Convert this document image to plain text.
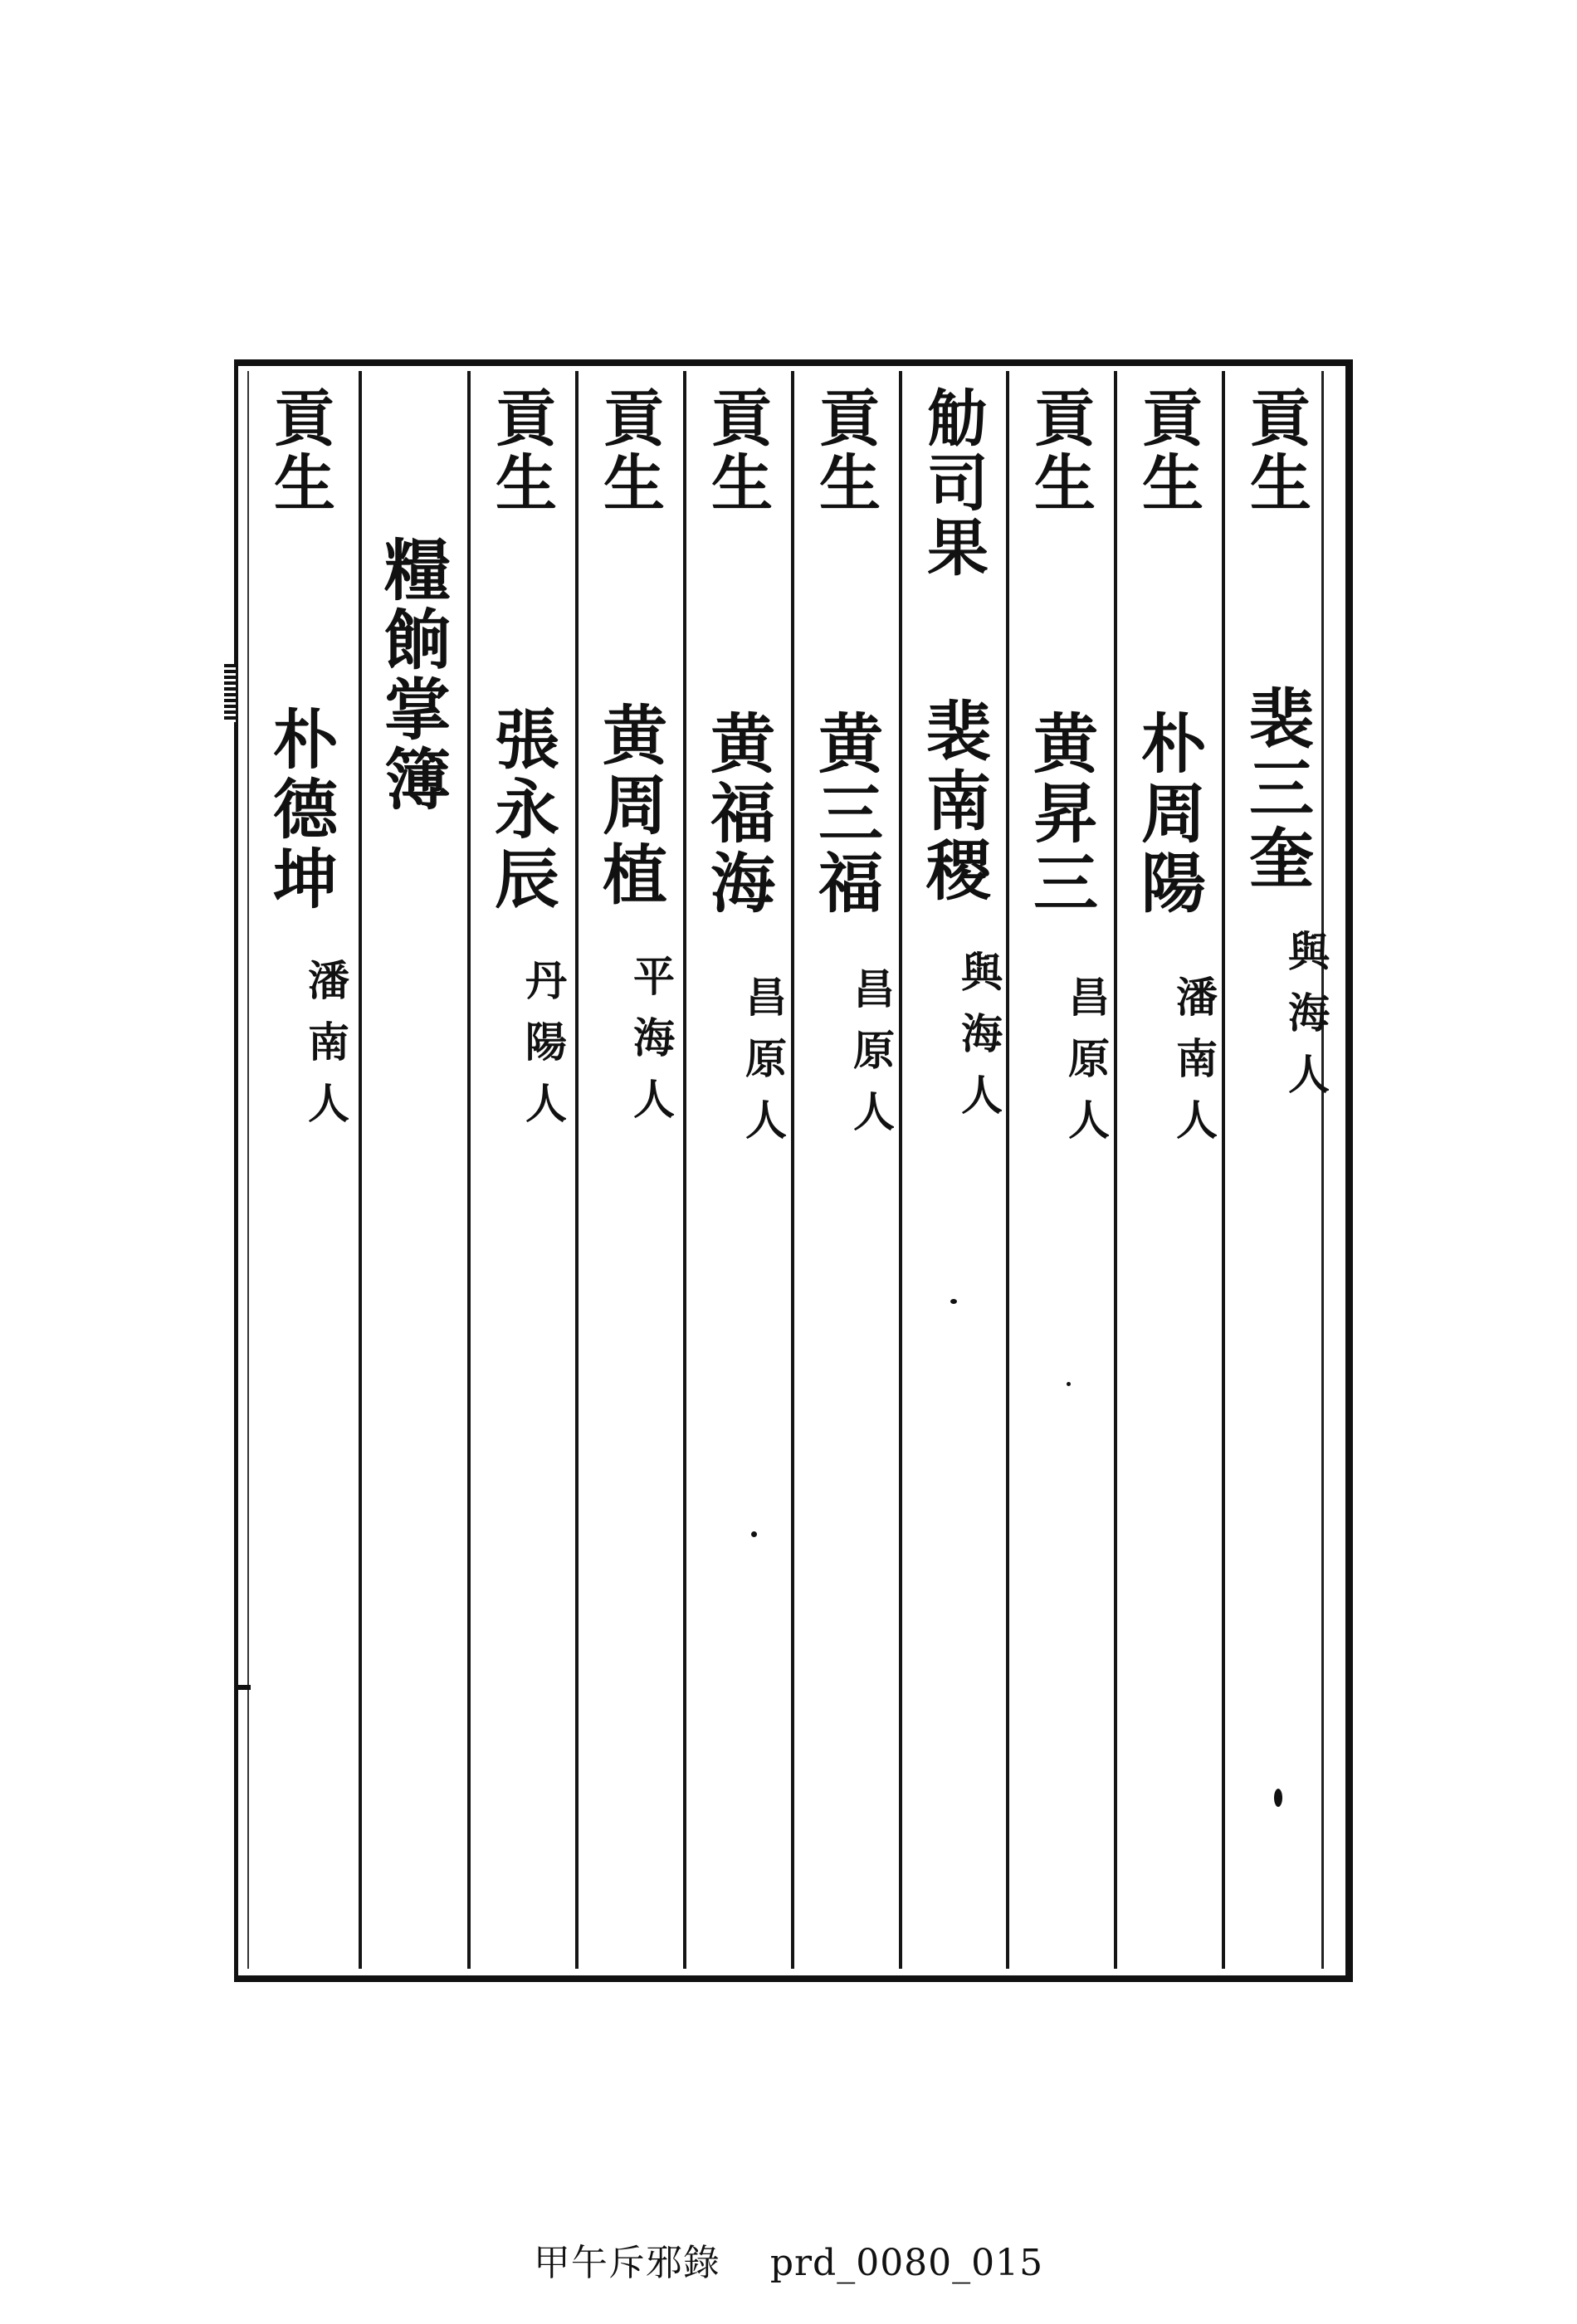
貢生
裴三奎
與海人
貢生
朴周陽
潘南人
貢生
黄昇三
昌原人
觔司果
裴南稷
與海人
貢生
黄三福
昌原人
貢生
黄福海
昌原人
貢生
黄周植
平海人
貢生
張永辰
丹陽人
糧餉掌簿
貢生
朴德坤
潘南人
甲午斥邪錄 prd_0080_015
